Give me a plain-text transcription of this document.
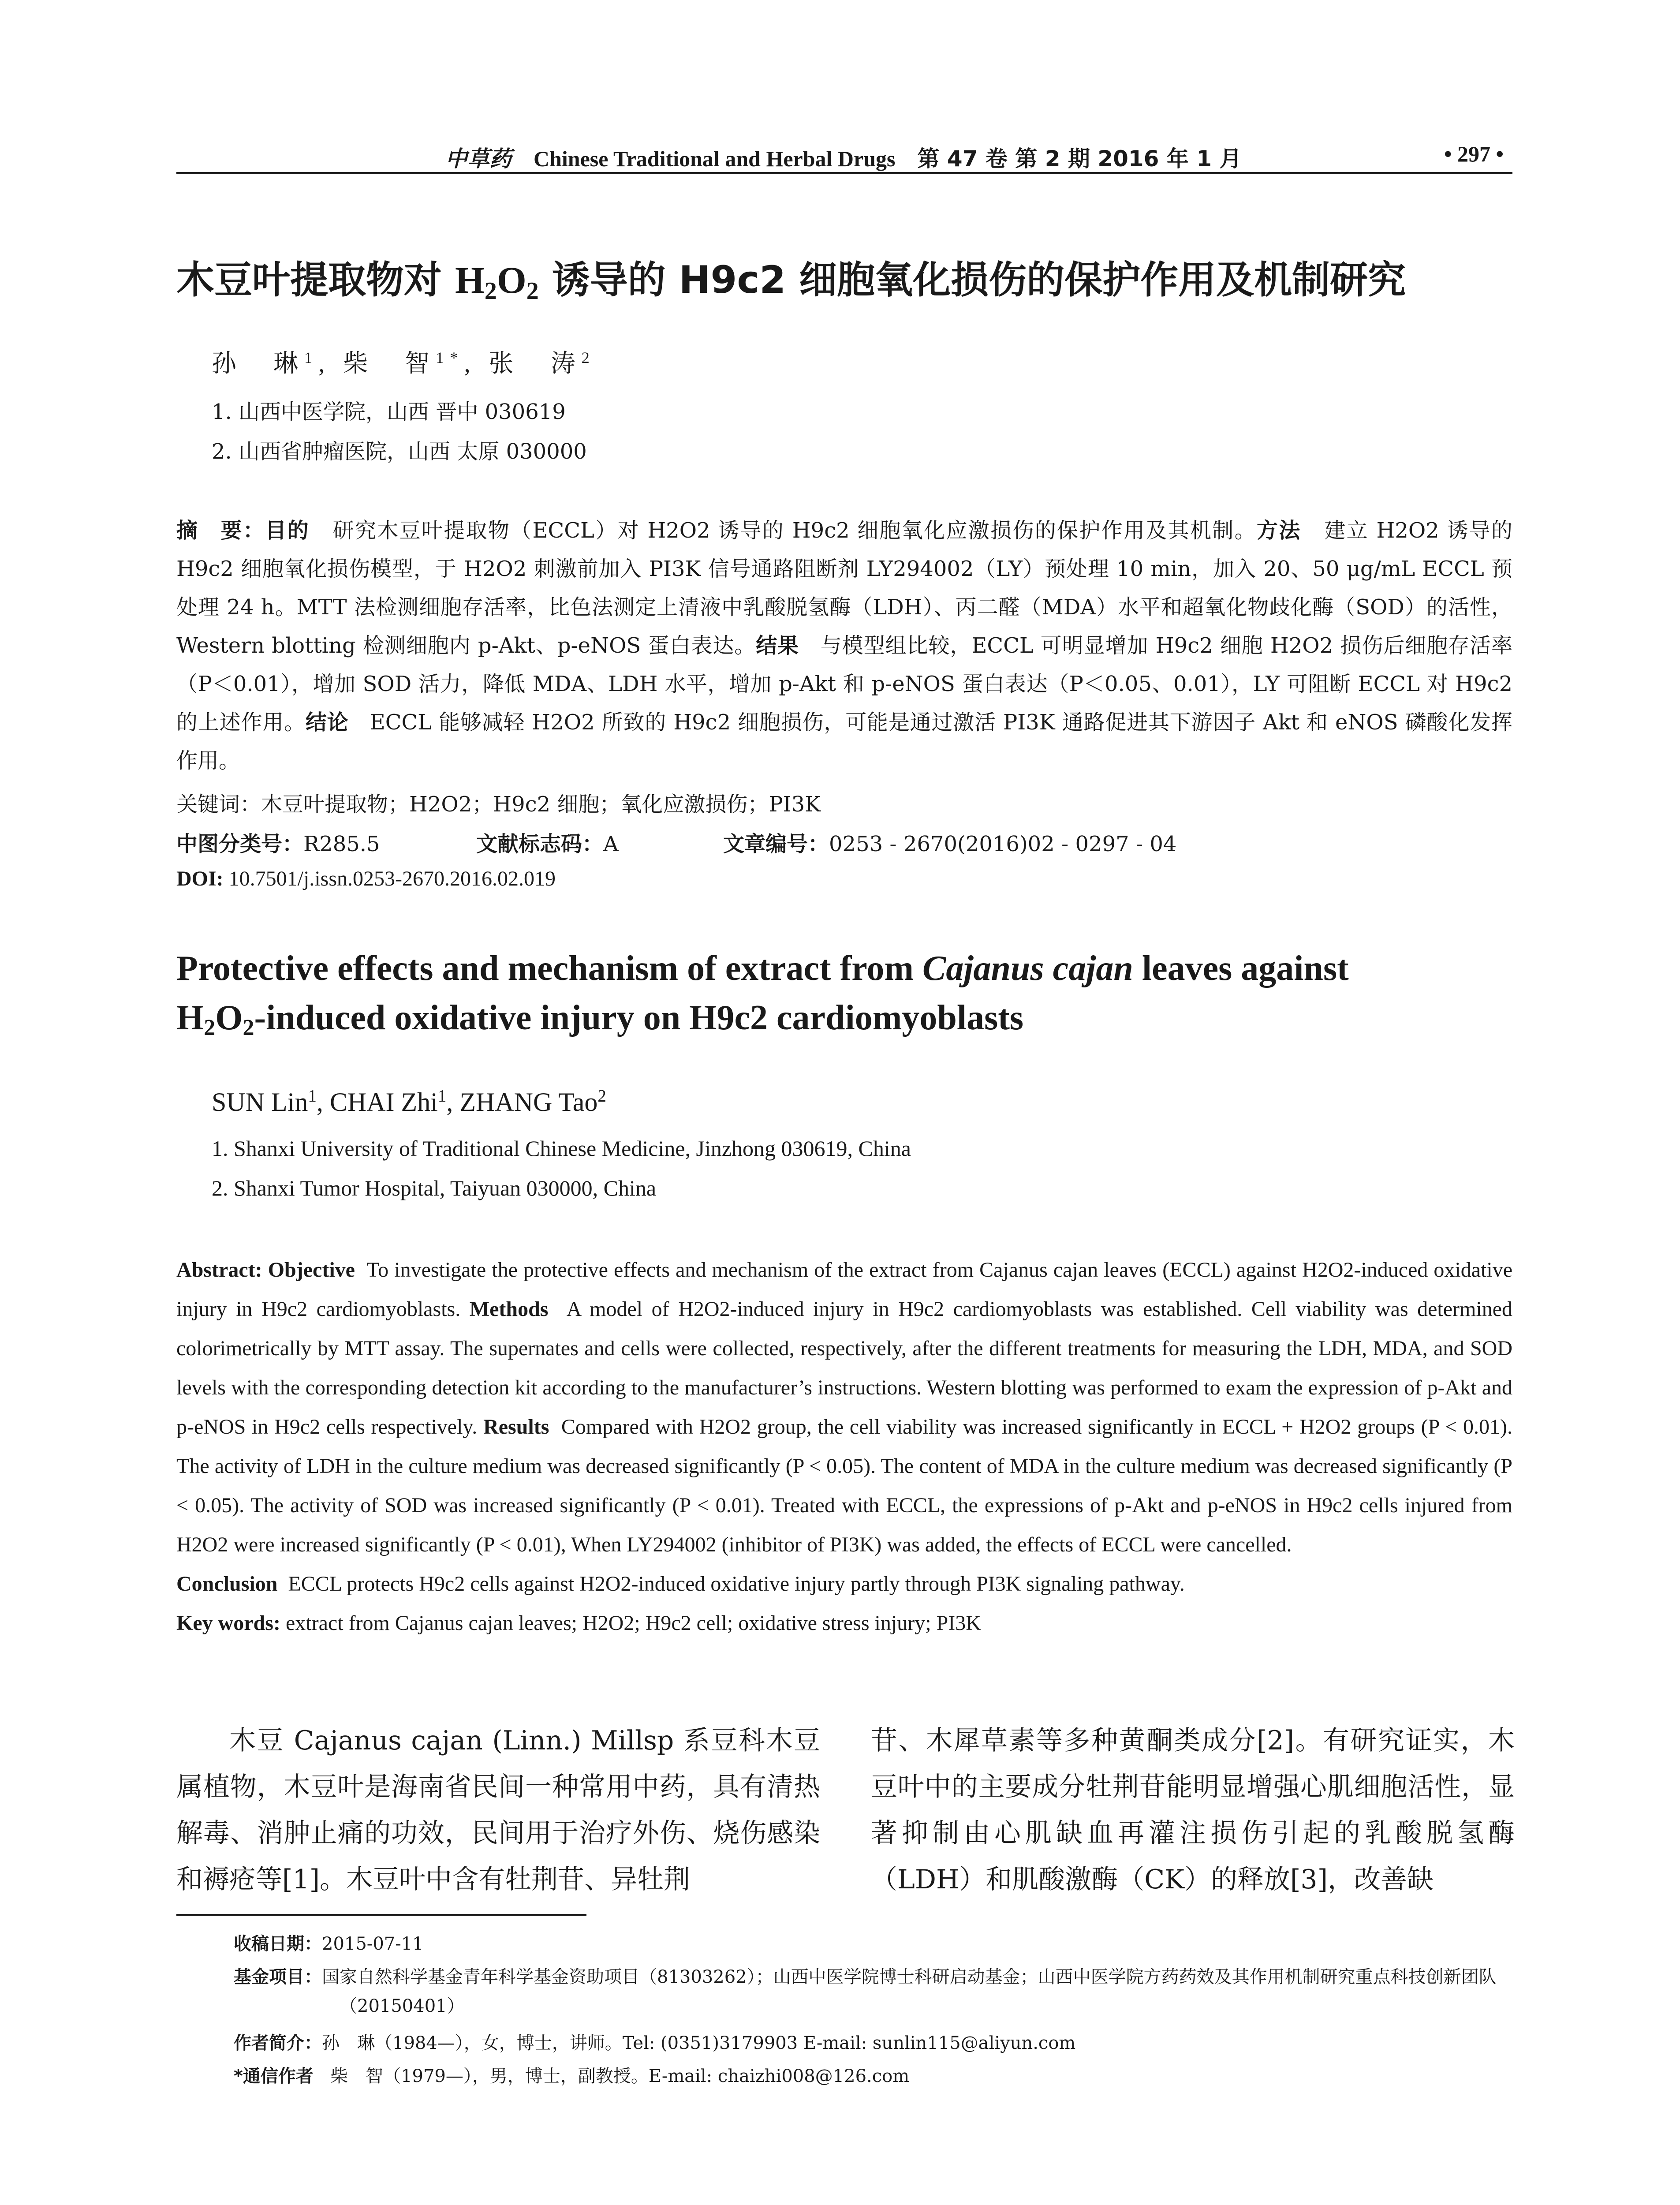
中草药 Chinese Traditional and Herbal Drugs 第 47 卷 第 2 期 2016 年 1 月	• 297 •
木豆叶提取物对 $H_2O_2$ 诱导的 H9c2 细胞氧化损伤的保护作用及机制研究
孙　琳$^1$, 柴　智$^{1*}$, 张　涛$^2$
1. 山西中医学院，山西 晋中 030619
2. 山西省肿瘤医院，山西 太原 030000
摘　要：目的 研究木豆叶提取物（ECCL）对 H2O2 诱导的 H9c2 细胞氧化应激损伤的保护作用及其机制。方法 建立 H2O2 诱导的 H9c2 细胞氧化损伤模型，于 H2O2 刺激前加入 PI3K 信号通路阻断剂 LY294002（LY）预处理 10 min，加入 20、50 μg/mL ECCL 预处理 24 h。MTT 法检测细胞存活率，比色法测定上清液中乳酸脱氢酶（LDH）、丙二醛（MDA）水平和超氧化物歧化酶（SOD）的活性，Western blotting 检测细胞内 p-Akt、p-eNOS 蛋白表达。结果 与模型组比较，ECCL 可明显增加 H9c2 细胞 H2O2 损伤后细胞存活率（P＜0.01），增加 SOD 活力，降低 MDA、LDH 水平，增加 p-Akt 和 p-eNOS 蛋白表达（P＜0.05、0.01），LY 可阻断 ECCL 对 H9c2 的上述作用。结论 ECCL 能够减轻 H2O2 所致的 H9c2 细胞损伤，可能是通过激活 PI3K 通路促进其下游因子 Akt 和 eNOS 磷酸化发挥作用。
关键词：木豆叶提取物；H2O2；H9c2 细胞；氧化应激损伤；PI3K
中图分类号：R285.5	文献标志码：A	文章编号：0253 - 2670(2016)02 - 0297 - 04
DOI: 10.7501/j.issn.0253-2670.2016.02.019
Protective effects and mechanism of extract from Cajanus cajan leaves against
$H_2O_2$-induced oxidative injury on H9c2 cardiomyoblasts
SUN Lin$^1$, CHAI Zhi$^1$, ZHANG Tao$^2$
1. Shanxi University of Traditional Chinese Medicine, Jinzhong 030619, China
2. Shanxi Tumor Hospital, Taiyuan 030000, China
Abstract: Objective To investigate the protective effects and mechanism of the extract from Cajanus cajan leaves (ECCL) against H2O2-induced oxidative injury in H9c2 cardiomyoblasts. Methods A model of H2O2-induced injury in H9c2 cardiomyoblasts was established. Cell viability was determined colorimetrically by MTT assay. The supernates and cells were collected, respectively, after the different treatments for measuring the LDH, MDA, and SOD levels with the corresponding detection kit according to the manufacturer’s instructions. Western blotting was performed to exam the expression of p-Akt and p-eNOS in H9c2 cells respectively. Results Compared with H2O2 group, the cell viability was increased significantly in ECCL + H2O2 groups (P < 0.01). The activity of LDH in the culture medium was decreased significantly (P < 0.05). The content of MDA in the culture medium was decreased significantly (P < 0.05). The activity of SOD was increased significantly (P < 0.01). Treated with ECCL, the expressions of p-Akt and p-eNOS in H9c2 cells injured from H2O2 were increased significantly (P < 0.01), When LY294002 (inhibitor of PI3K) was added, the effects of ECCL were cancelled.
Conclusion ECCL protects H9c2 cells against H2O2-induced oxidative injury partly through PI3K signaling pathway.
Key words: extract from Cajanus cajan leaves; H2O2; H9c2 cell; oxidative stress injury; PI3K
木豆 Cajanus cajan (Linn.) Millsp 系豆科木豆属植物，木豆叶是海南省民间一种常用中药，具有清热解毒、消肿止痛的功效，民间用于治疗外伤、烧伤感染和褥疮等[1]。木豆叶中含有牡荆苷、异牡荆
苷、木犀草素等多种黄酮类成分[2]。有研究证实，木豆叶中的主要成分牡荆苷能明显增强心肌细胞活性，显著抑制由心肌缺血再灌注损伤引起的乳酸脱氢酶（LDH）和肌酸激酶（CK）的释放[3]，改善缺
收稿日期：2015-07-11
基金项目：国家自然科学基金青年科学基金资助项目（81303262）；山西中医学院博士科研启动基金；山西中医学院方药药效及其作用机制研究重点科技创新团队（20150401）
作者简介：孙　琳（1984—），女，博士，讲师。Tel: (0351)3179903 E-mail: sunlin115@aliyun.com
*通信作者 柴　智（1979—），男，博士，副教授。E-mail: chaizhi008@126.com
